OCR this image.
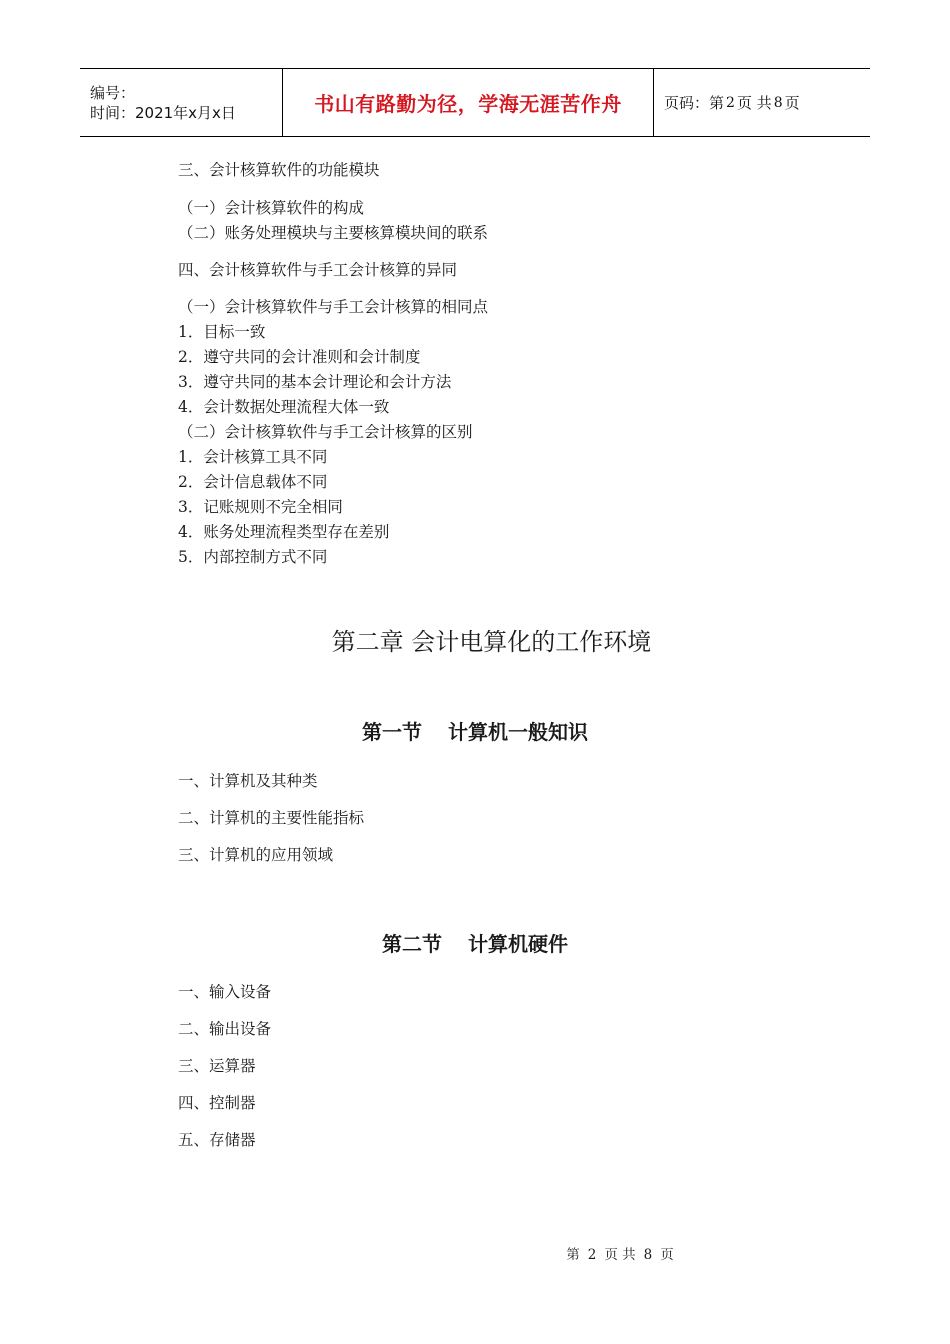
编号：
时间：2021年x月x日	书山有路勤为径，学海无涯苦作舟	页码：第 2 页 共 8 页
三、会计核算软件的功能模块
（一）会计核算软件的构成
（二）账务处理模块与主要核算模块间的联系
四、会计核算软件与手工会计核算的异同
（一）会计核算软件与手工会计核算的相同点
1．目标一致
2．遵守共同的会计准则和会计制度
3．遵守共同的基本会计理论和会计方法
4．会计数据处理流程大体一致
（二）会计核算软件与手工会计核算的区别
1．会计核算工具不同
2．会计信息载体不同
3．记账规则不完全相同
4．账务处理流程类型存在差别
5．内部控制方式不同
第二章 会计电算化的工作环境
第一节 计算机一般知识
一、计算机及其种类
二、计算机的主要性能指标
三、计算机的应用领域
第二节 计算机硬件
一、输入设备
二、输出设备
三、运算器
四、控制器
五、存储器
第 2 页 共 8 页
